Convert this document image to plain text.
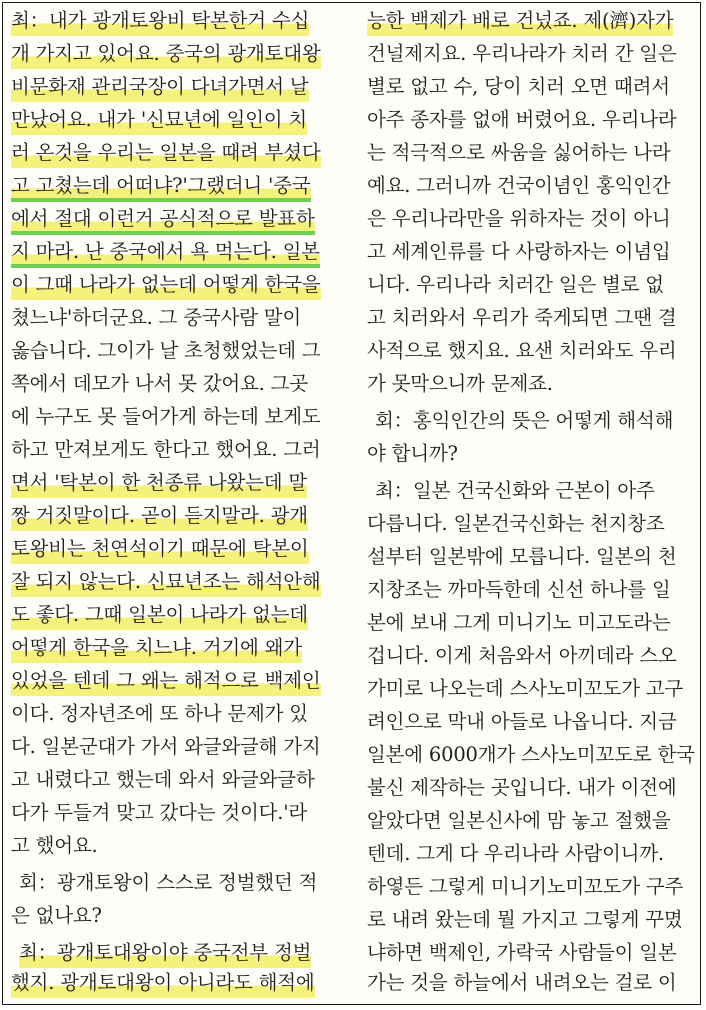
최：내가 광개토왕비 탁본한거 수십
개 가지고 있어요. 중국의 광개토대왕
비문화재 관리국장이 다녀가면서 날
만났어요. 내가 '신묘년에 일인이 치
러 온것을 우리는 일본을 때려 부셨다
고 고쳤는데 어떠냐?'그랬더니 '중국
에서 절대 이런거 공식적으로 발표하
지 마라. 난 중국에서 욕 먹는다. 일본
이 그때 나라가 없는데 어떻게 한국을
쳤느냐'하더군요. 그 중국사람 말이
옳습니다. 그이가 날 초청했었는데 그
쪽에서 데모가 나서 못 갔어요. 그곳
에 누구도 못 들어가게 하는데 보게도
하고 만져보게도 한다고 했어요. 그러
면서 '탁본이 한 천종류 나왔는데 말
짱 거짓말이다. 곧이 듣지말라. 광개
토왕비는 천연석이기 때문에 탁본이
잘 되지 않는다. 신묘년조는 해석안해
도 좋다. 그때 일본이 나라가 없는데
어떻게 한국을 치느냐. 거기에 왜가
있었을 텐데 그 왜는 해적으로 백제인
이다. 정자년조에 또 하나 문제가 있
다. 일본군대가 가서 와글와글해 가지
고 내렸다고 했는데 와서 와글와글하
다가 두들겨 맞고 갔다는 것이다.'라
고 했어요.
회：광개토왕이 스스로 정벌했던 적
은 없나요?
최：광개토대왕이야 중국전부 정벌
했지. 광개토대왕이 아니라도 해적에
능한 백제가 배로 건넜죠. 제(濟)자가
건널제지요. 우리나라가 치러 간 일은
별로 없고 수, 당이 치러 오면 때려서
아주 종자를 없애 버렸어요. 우리나라
는 적극적으로 싸움을 싫어하는 나라
예요. 그러니까 건국이념인 홍익인간
은 우리나라만을 위하자는 것이 아니
고 세계인류를 다 사랑하자는 이념입
니다. 우리나라 치러간 일은 별로 없
고 치러와서 우리가 죽게되면 그땐 결
사적으로 했지요. 요샌 치러와도 우리
가 못막으니까 문제죠.
회：홍익인간의 뜻은 어떻게 해석해
야 합니까?
최：일본 건국신화와 근본이 아주
다릅니다. 일본건국신화는 천지창조
설부터 일본밖에 모릅니다. 일본의 천
지창조는 까마득한데 신선 하나를 일
본에 보내 그게 미니기노 미고도라는
겁니다. 이게 처음와서 아끼데라 스오
가미로 나오는데 스사노미꼬도가 고구
려인으로 막내 아들로 나옵니다. 지금
일본에 6000개가 스사노미꼬도로 한국
불신 제작하는 곳입니다. 내가 이전에
알았다면 일본신사에 맘 놓고 절했을
텐데. 그게 다 우리나라 사람이니까.
하옇든 그렇게 미니기노미꼬도가 구주
로 내려 왔는데 뭘 가지고 그렇게 꾸몄
냐하면 백제인, 가락국 사람들이 일본
가는 것을 하늘에서 내려오는 걸로 이
